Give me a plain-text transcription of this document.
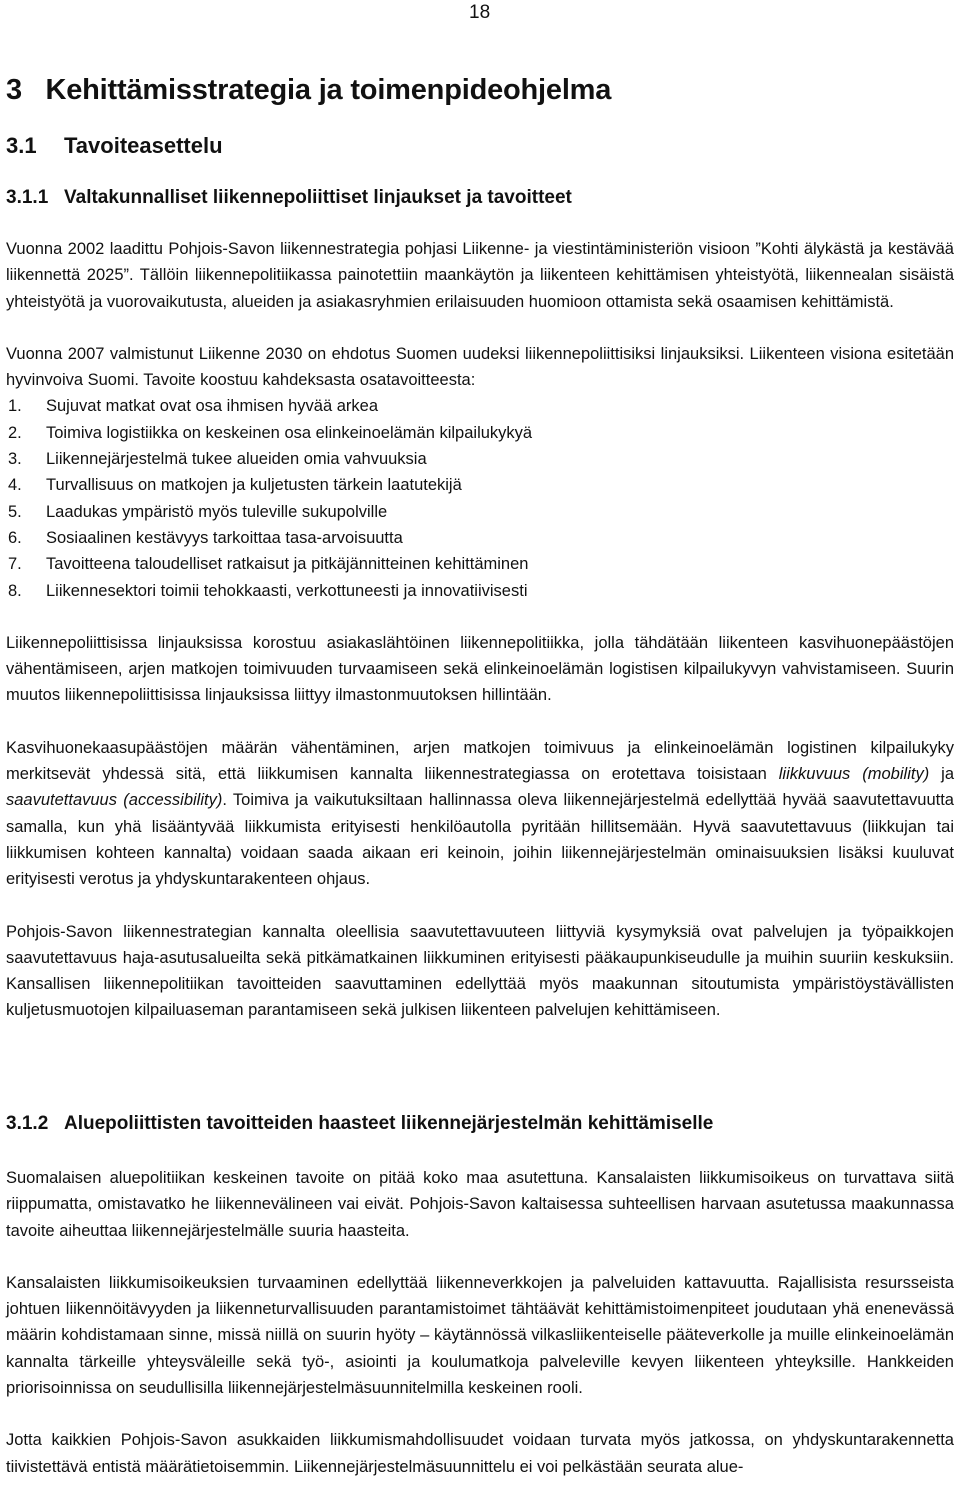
18
3   Kehittämisstrategia ja toimenpideohjelma
3.1 Tavoiteasettelu
3.1.1 Valtakunnalliset liikennepoliittiset linjaukset ja tavoitteet

Vuonna 2002 laadittu Pohjois-Savon liikennestrategia pohjasi Liikenne- ja viestintäministeriön visioon ”Kohti älykästä ja kestävää liikennettä 2025”. Tällöin liikennepolitiikassa painotettiin maankäytön ja liikenteen kehittämisen yhteistyötä, liikennealan sisäistä yhteistyötä ja vuorovaikutusta, alueiden ja asiakasryhmien erilaisuuden huomioon ottamista sekä osaamisen kehittämistä.

Vuonna 2007 valmistunut Liikenne 2030 on ehdotus Suomen uudeksi liikennepoliittisiksi linjauksiksi. Liikenteen visiona esitetään hyvinvoiva Suomi. Tavoite koostuu kahdeksasta osatavoitteesta:

1. Sujuvat matkat ovat osa ihmisen hyvää arkea
2. Toimiva logistiikka on keskeinen osa elinkeinoelämän kilpailukykyä
3. Liikennejärjestelmä tukee alueiden omia vahvuuksia
4. Turvallisuus on matkojen ja kuljetusten tärkein laatutekijä
5. Laadukas ympäristö myös tuleville sukupolville
6. Sosiaalinen kestävyys tarkoittaa tasa-arvoisuutta
7. Tavoitteena taloudelliset ratkaisut ja pitkäjännitteinen kehittäminen
8. Liikennesektori toimii tehokkaasti, verkottuneesti ja innovatiivisesti

Liikennepoliittisissa linjauksissa korostuu asiakaslähtöinen liikennepolitiikka, jolla tähdätään liikenteen kasvihuonepäästöjen vähentämiseen, arjen matkojen toimivuuden turvaamiseen sekä elinkeinoelämän logistisen kilpailukyvyn vahvistamiseen. Suurin muutos liikennepoliittisissa linjauksissa liittyy ilmastonmuutoksen hillintään.

Kasvihuonekaasupäästöjen määrän vähentäminen, arjen matkojen toimivuus ja elinkeinoelämän logistinen kilpailukyky merkitsevät yhdessä sitä, että liikkumisen kannalta liikennestrategiassa on erotettava toisistaan liikkuvuus (mobility) ja saavutettavuus (accessibility). Toimiva ja vaikutuksiltaan hallinnassa oleva liikennejärjestelmä edellyttää hyvää saavutettavuutta samalla, kun yhä lisääntyvää liikkumista erityisesti henkilöautolla pyritään hillitsemään. Hyvä saavutettavuus (liikkujan tai liikkumisen kohteen kannalta) voidaan saada aikaan eri keinoin, joihin liikennejärjestelmän ominaisuuksien lisäksi kuuluvat erityisesti verotus ja yhdyskuntarakenteen ohjaus.

Pohjois-Savon liikennestrategian kannalta oleellisia saavutettavuuteen liittyviä kysymyksiä ovat palvelujen ja työpaikkojen saavutettavuus haja-asutusalueilta sekä pitkämatkainen liikkuminen erityisesti pääkaupunkiseudulle ja muihin suuriin keskuksiin. Kansallisen liikennepolitiikan tavoitteiden saavuttaminen edellyttää myös maakunnan sitoutumista ympäristöystävällisten kuljetusmuotojen kilpailuaseman parantamiseen sekä julkisen liikenteen palvelujen kehittämiseen.

3.1.2 Aluepoliittisten tavoitteiden haasteet liikennejärjestelmän kehittämiselle

Suomalaisen aluepolitiikan keskeinen tavoite on pitää koko maa asutettuna. Kansalaisten liikkumisoikeus on turvattava siitä riippumatta, omistavatko he liikennevälineen vai eivät. Pohjois-Savon kaltaisessa suhteellisen harvaan asutetussa maakunnassa tavoite aiheuttaa liikennejärjestelmälle suuria haasteita.

Kansalaisten liikkumisoikeuksien turvaaminen edellyttää liikenneverkkojen ja palveluiden kattavuutta. Rajallisista resursseista johtuen liikennöitävyyden ja liikenneturvallisuuden parantamistoimet tähtäävät kehittämistoimenpiteet joudutaan yhä enenevässä määrin kohdistamaan sinne, missä niillä on suurin hyöty – käytännössä vilkasliikenteiselle pääteverkolle ja muille elinkeinoelämän kannalta tärkeille yhteysväleille sekä työ-, asiointi ja koulumatkoja palveleville kevyen liikenteen yhteyksille. Hankkeiden priorisoinnissa on seudullisilla liikennejärjestelmäsuunnitelmilla keskeinen rooli.

Jotta kaikkien Pohjois-Savon asukkaiden liikkumismahdollisuudet voidaan turvata myös jatkossa, on yhdyskuntarakennetta tiivistettävä entistä määrätietoisemmin. Liikennejärjestelmäsuunnittelu ei voi pelkästään seurata alue-
